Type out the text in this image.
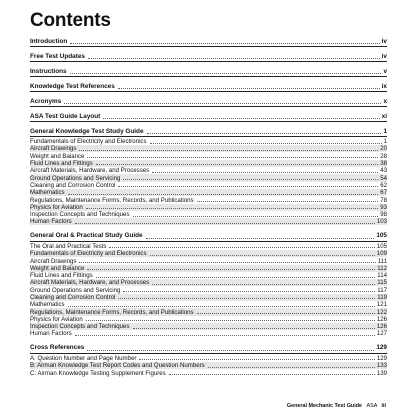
Contents
Introduction	iv
Free Test Updates	iv
Instructions	v
Knowledge Test References	ix
Acronyms	x
ASA Test Guide Layout	xi
General Knowledge Test Study Guide	1
Fundamentals of Electricity and Electronics	1
Aircraft Drawings	20
Weight and Balance	28
Fluid Lines and Fittings	38
Aircraft Materials, Hardware, and Processes	43
Ground Operations and Servicing	54
Cleaning and Corrosion Control	62
Mathematics	67
Regulations, Maintenance Forms, Records, and Publications	78
Physics for Aviation	93
Inspection Concepts and Techniques	98
Human Factors	103
General Oral & Practical Study Guide	105
The Oral and Practical Tests	105
Fundamentals of Electricity and Electronics	109
Aircraft Drawings	111
Weight and Balance	112
Fluid Lines and Fittings	114
Aircraft Materials, Hardware, and Processes	115
Ground Operations and Servicing	117
Cleaning and Corrosion Control	119
Mathematics	121
Regulations, Maintenance Forms, Records, and Publications	122
Physics for Aviation	126
Inspection Concepts and Techniques	126
Human Factors	127
Cross References	129
A: Question Number and Page Number	129
B: Airman Knowledge Test Report Codes and Question Numbers	133
C: Airman Knowledge Testing Supplement Figures	139
General Mechanic Test Guide ASA iii
